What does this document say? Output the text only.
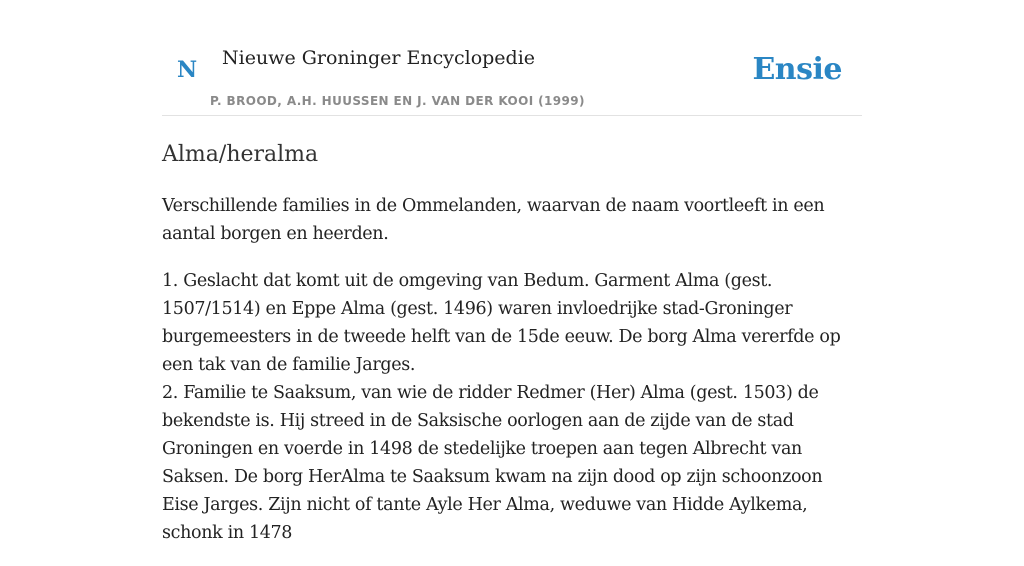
N Nieuwe Groninger Encyclopedie
P. BROOD, A.H. HUUSSEN EN J. VAN DER KOOI (1999)
Ensie
Alma/heralma

Verschillende families in de Ommelanden, waarvan de naam voortleeft in een aantal borgen en heerden.

1. Geslacht dat komt uit de omgeving van Bedum. Garment Alma (gest. 1507/1514) en Eppe Alma (gest. 1496) waren invloedrijke stad-Groninger burgemeesters in de tweede helft van de 15de eeuw. De borg Alma vererfde op een tak van de familie Jarges.
2. Familie te Saaksum, van wie de ridder Redmer (Her) Alma (gest. 1503) de bekendste is. Hij streed in de Saksische oorlogen aan de zijde van de stad Groningen en voerde in 1498 de stedelijke troepen aan tegen Albrecht van Saksen. De borg HerAlma te Saaksum kwam na zijn dood op zijn schoonzoon Eise Jarges. Zijn nicht of tante Ayle Her Alma, weduwe van Hidde Aylkema, schonk in 1478
